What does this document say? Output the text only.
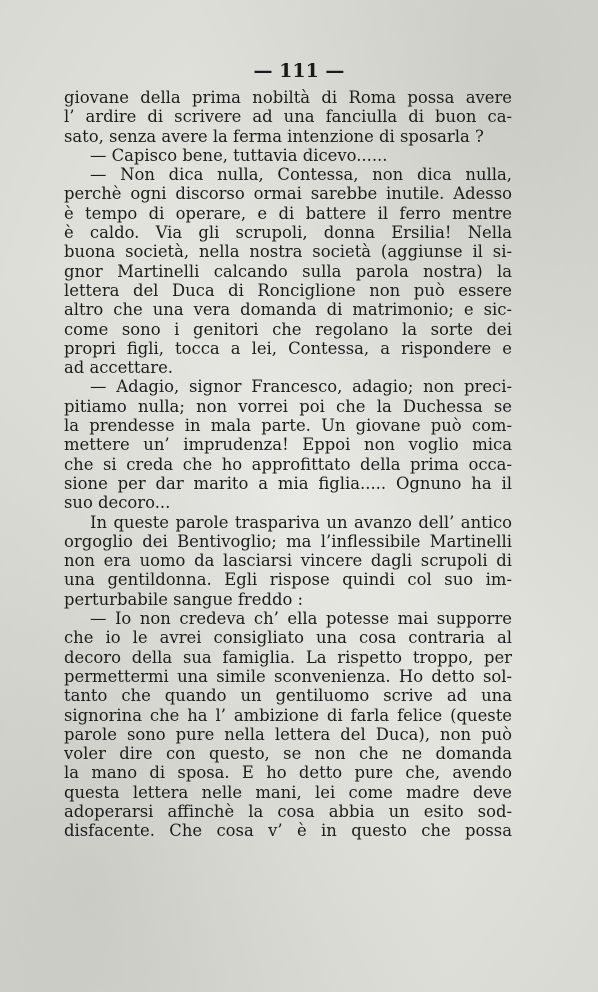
— 111 —
giovane della prima nobiltà di Roma possa avere
l’ ardire di scrivere ad una fanciulla di buon ca-
sato, senza avere la ferma intenzione di sposarla ?
— Capisco bene, tuttavia dicevo......
— Non dica nulla, Contessa, non dica nulla,
perchè ogni discorso ormai sarebbe inutile. Adesso
è tempo di operare, e di battere il ferro mentre
è caldo. Via gli scrupoli, donna Ersilia! Nella
buona società, nella nostra società (aggiunse il si-
gnor Martinelli calcando sulla parola nostra) la
lettera del Duca di Ronciglione non può essere
altro che una vera domanda di matrimonio; e sic-
come sono i genitori che regolano la sorte dei
propri figli, tocca a lei, Contessa, a rispondere e
ad accettare.
— Adagio, signor Francesco, adagio; non preci-
pitiamo nulla; non vorrei poi che la Duchessa se
la prendesse in mala parte. Un giovane può com-
mettere un’ imprudenza! Eppoi non voglio mica
che si creda che ho approfittato della prima occa-
sione per dar marito a mia figlia..... Ognuno ha il
suo decoro...
In queste parole traspariva un avanzo dell’ antico
orgoglio dei Bentivoglio; ma l’inflessibile Martinelli
non era uomo da lasciarsi vincere dagli scrupoli di
una gentildonna. Egli rispose quindi col suo im-
perturbabile sangue freddo :
— Io non credeva ch’ ella potesse mai supporre
che io le avrei consigliato una cosa contraria al
decoro della sua famiglia. La rispetto troppo, per
permettermi una simile sconvenienza. Ho detto sol-
tanto che quando un gentiluomo scrive ad una
signorina che ha l’ ambizione di farla felice (queste
parole sono pure nella lettera del Duca), non può
voler dire con questo, se non che ne domanda
la mano di sposa. E ho detto pure che, avendo
questa lettera nelle mani, lei come madre deve
adoperarsi affinchè la cosa abbia un esito sod-
disfacente. Che cosa v’ è in questo che possa
